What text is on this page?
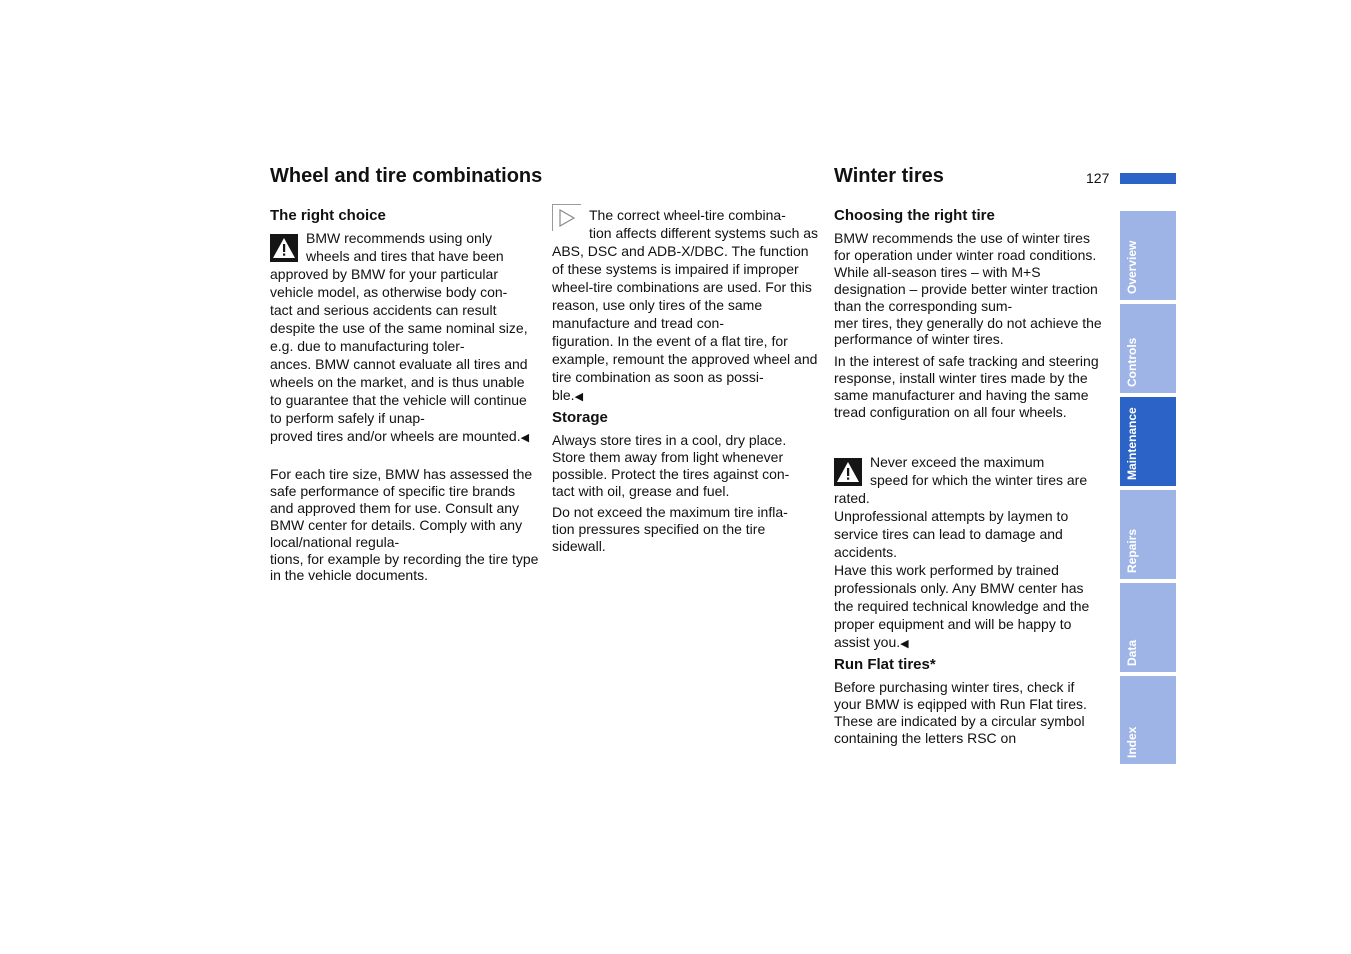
Wheel and tire combinations
The right choice

BMW recommends using only
wheels and tires that have been approved by BMW for your particular vehicle model, as otherwise body con-
tact and serious accidents can result despite the use of the same nominal size, e.g. due to manufacturing toler-
ances. BMW cannot evaluate all tires and wheels on the market, and is thus unable to guarantee that the vehicle will continue to perform safely if unap-
proved tires and/or wheels are mounted.◀

For each tire size, BMW has assessed the safe performance of specific tire brands and approved them for use. Consult any BMW center for details. Comply with any local/national regula-
tions, for example by recording the tire type in the vehicle documents.

The correct wheel-tire combina-
tion affects different systems such as ABS, DSC and ADB-X/DBC. The function of these systems is impaired if improper wheel-tire combinations are used. For this reason, use only tires of the same manufacture and tread con-
figuration. In the event of a flat tire, for example, remount the approved wheel and tire combination as soon as possi-
ble.◀

Storage

Always store tires in a cool, dry place. Store them away from light whenever possible. Protect the tires against con-
tact with oil, grease and fuel.

Do not exceed the maximum tire infla-
tion pressures specified on the tire sidewall.

Winter tires
Choosing the right tire

BMW recommends the use of winter tires for operation under winter road conditions. While all-season tires – with M+S designation – provide better winter traction than the corresponding sum-
mer tires, they generally do not achieve the performance of winter tires.

In the interest of safe tracking and steering response, install winter tires made by the same manufacturer and having the same tread configuration on all four wheels.

Never exceed the maximum
speed for which the winter tires are rated.
Unprofessional attempts by laymen to service tires can lead to damage and accidents.
Have this work performed by trained professionals only. Any BMW center has the required technical knowledge and the proper equipment and will be happy to assist you.◀

Run Flat tires*

Before purchasing winter tires, check if your BMW is eqipped with Run Flat tires. These are indicated by a circular symbol containing the letters RSC on

127
Overview
Controls
Maintenance
Repairs
Data
Index
